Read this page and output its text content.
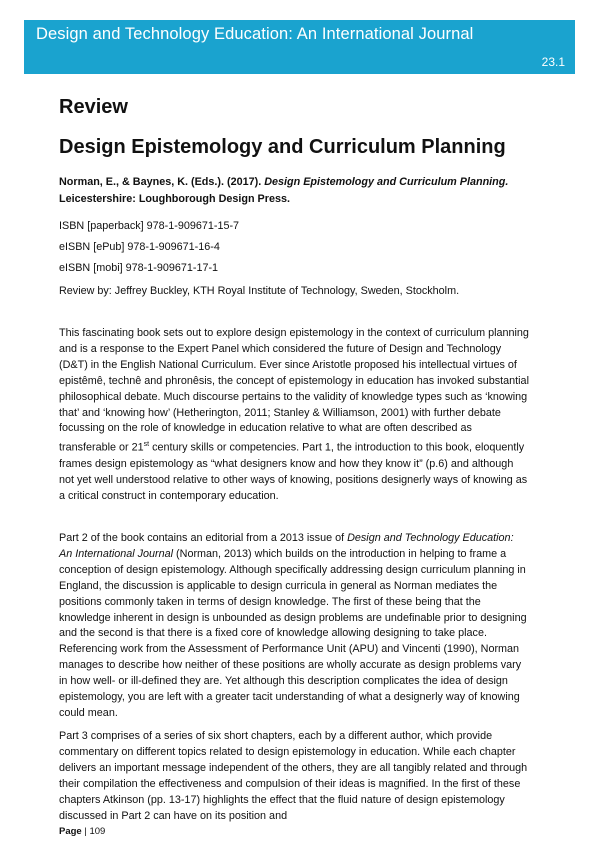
Design and Technology Education: An International Journal
23.1
Review
Design Epistemology and Curriculum Planning

Norman, E., & Baynes, K. (Eds.). (2017). Design Epistemology and Curriculum Planning.
Leicestershire: Loughborough Design Press.

ISBN [paperback] 978-1-909671-15-7

eISBN [ePub] 978-1-909671-16-4

eISBN [mobi] 978-1-909671-17-1

Review by: Jeffrey Buckley, KTH Royal Institute of Technology, Sweden, Stockholm.

This fascinating book sets out to explore design epistemology in the context of curriculum planning and is a response to the Expert Panel which considered the future of Design and Technology (D&T) in the English National Curriculum. Ever since Aristotle proposed his intellectual virtues of epistêmê, technê and phronêsis, the concept of epistemology in education has invoked substantial philosophical debate. Much discourse pertains to the validity of knowledge types such as ‘knowing that’ and ‘knowing how’ (Hetherington, 2011; Stanley & Williamson, 2001) with further debate focussing on the role of knowledge in education relative to what are often described as transferable or 21st century skills or competencies. Part 1, the introduction to this book, eloquently frames design epistemology as “what designers know and how they know it” (p.6) and although not yet well understood relative to other ways of knowing, positions designerly ways of knowing as a critical construct in contemporary education.

Part 2 of the book contains an editorial from a 2013 issue of Design and Technology Education: An International Journal (Norman, 2013) which builds on the introduction in helping to frame a conception of design epistemology. Although specifically addressing design curriculum planning in England, the discussion is applicable to design curricula in general as Norman mediates the positions commonly taken in terms of design knowledge. The first of these being that the knowledge inherent in design is unbounded as design problems are undefinable prior to designing and the second is that there is a fixed core of knowledge allowing designing to take place. Referencing work from the Assessment of Performance Unit (APU) and Vincenti (1990), Norman manages to describe how neither of these positions are wholly accurate as design problems vary in how well- or ill-defined they are. Yet although this description complicates the idea of design epistemology, you are left with a greater tacit understanding of what a designerly way of knowing could mean.

Part 3 comprises of a series of six short chapters, each by a different author, which provide commentary on different topics related to design epistemology in education. While each chapter delivers an important message independent of the others, they are all tangibly related and through their compilation the effectiveness and compulsion of their ideas is magnified. In the first of these chapters Atkinson (pp. 13-17) highlights the effect that the fluid nature of design epistemology discussed in Part 2 can have on its position and

Page | 109
